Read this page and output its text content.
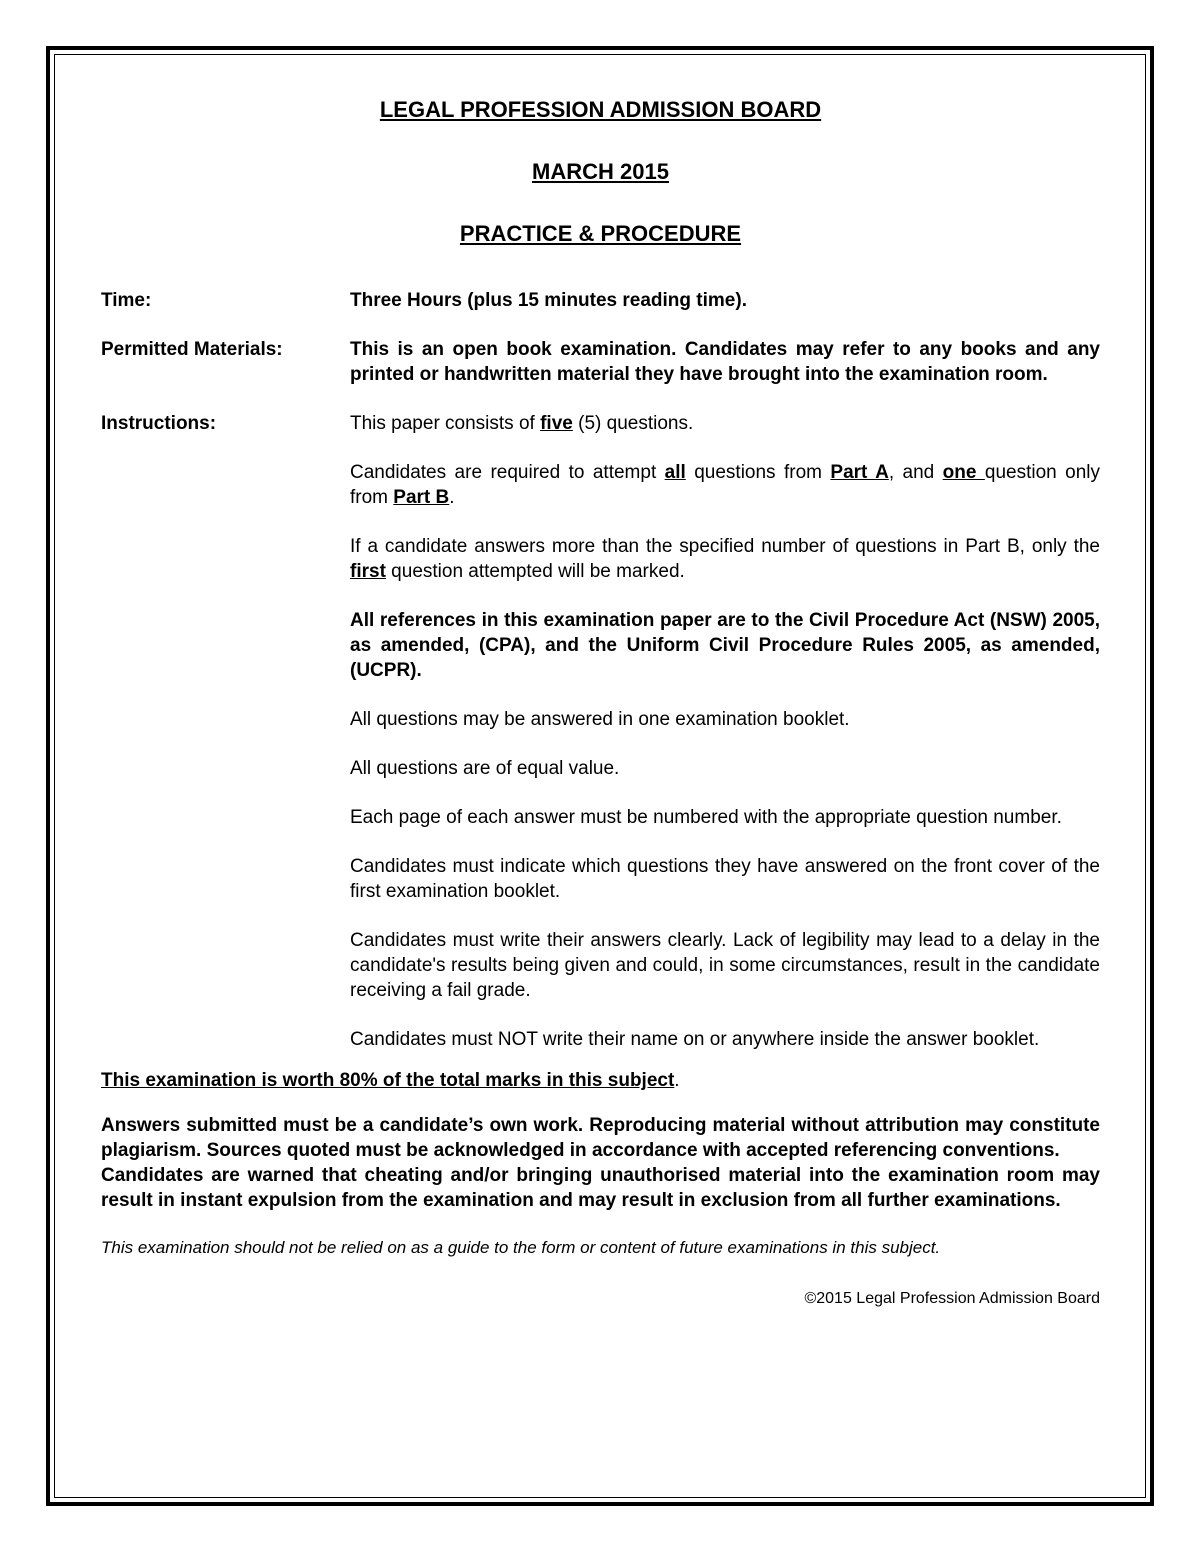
LEGAL PROFESSION ADMISSION BOARD
MARCH 2015
PRACTICE & PROCEDURE
Time:	Three Hours (plus 15 minutes reading time).
Permitted Materials:	This is an open book examination. Candidates may refer to any books and any printed or handwritten material they have brought into the examination room.
Instructions:	This paper consists of five (5) questions.

Candidates are required to attempt all questions from Part A, and one question only from Part B.

If a candidate answers more than the specified number of questions in Part B, only the first question attempted will be marked.

All references in this examination paper are to the Civil Procedure Act (NSW) 2005, as amended, (CPA), and the Uniform Civil Procedure Rules 2005, as amended, (UCPR).

All questions may be answered in one examination booklet.

All questions are of equal value.

Each page of each answer must be numbered with the appropriate question number.

Candidates must indicate which questions they have answered on the front cover of the first examination booklet.

Candidates must write their answers clearly. Lack of legibility may lead to a delay in the candidate's results being given and could, in some circumstances, result in the candidate receiving a fail grade.

Candidates must NOT write their name on or anywhere inside the answer booklet.

This examination is worth 80% of the total marks in this subject.

Answers submitted must be a candidate’s own work. Reproducing material without attribution may constitute plagiarism. Sources quoted must be acknowledged in accordance with accepted referencing conventions.

Candidates are warned that cheating and/or bringing unauthorised material into the examination room may result in instant expulsion from the examination and may result in exclusion from all further examinations.

This examination should not be relied on as a guide to the form or content of future examinations in this subject.

©2015 Legal Profession Admission Board
